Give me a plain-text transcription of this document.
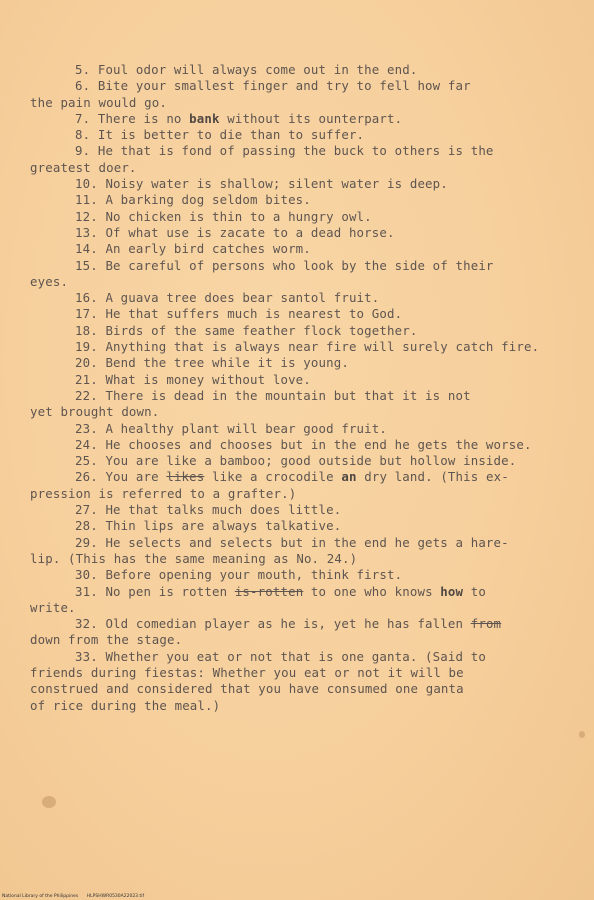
5. Foul odor will always come out in the end.
6. Bite your smallest finger and try to fell how far
the pain would go.
7. There is no bank without its ounterpart.
8. It is better to die than to suffer.
9. He that is fond of passing the buck to others is the
greatest doer.
10. Noisy water is shallow; silent water is deep.
11. A barking dog seldom bites.
12. No chicken is thin to a hungry owl.
13. Of what use is zacate to a dead horse.
14. An early bird catches worm.
15. Be careful of persons who look by the side of their
eyes.
16. A guava tree does bear santol fruit.
17. He that suffers much is nearest to God.
18. Birds of the same feather flock together.
19. Anything that is always near fire will surely catch fire.
20. Bend the tree while it is young.
21. What is money without love.
22. There is dead in the mountain but that it is not
yet brought down.
23. A healthy plant will bear good fruit.
24. He chooses and chooses but in the end he gets the worse.
25. You are like a bamboo; good outside but hollow inside.
26. You are likes like a crocodile an dry land. (This ex-
pression is referred to a grafter.)
27. He that talks much does little.
28. Thin lips are always talkative.
29. He selects and selects but in the end he gets a hare-
lip. (This has the same meaning as No. 24.)
30. Before opening your mouth, think first.
31. No pen is rotten is-rotten to one who knows how to
write.
32. Old comedian player as he is, yet he has fallen from
down from the stage.
33. Whether you eat or not that is one ganta. (Said to
friends during fiestas: Whether you eat or not it will be
construed and considered that you have consumed one ganta
of rice during the meal.)
National Library of the Philippines HLPSHWR0530A22023.tif
